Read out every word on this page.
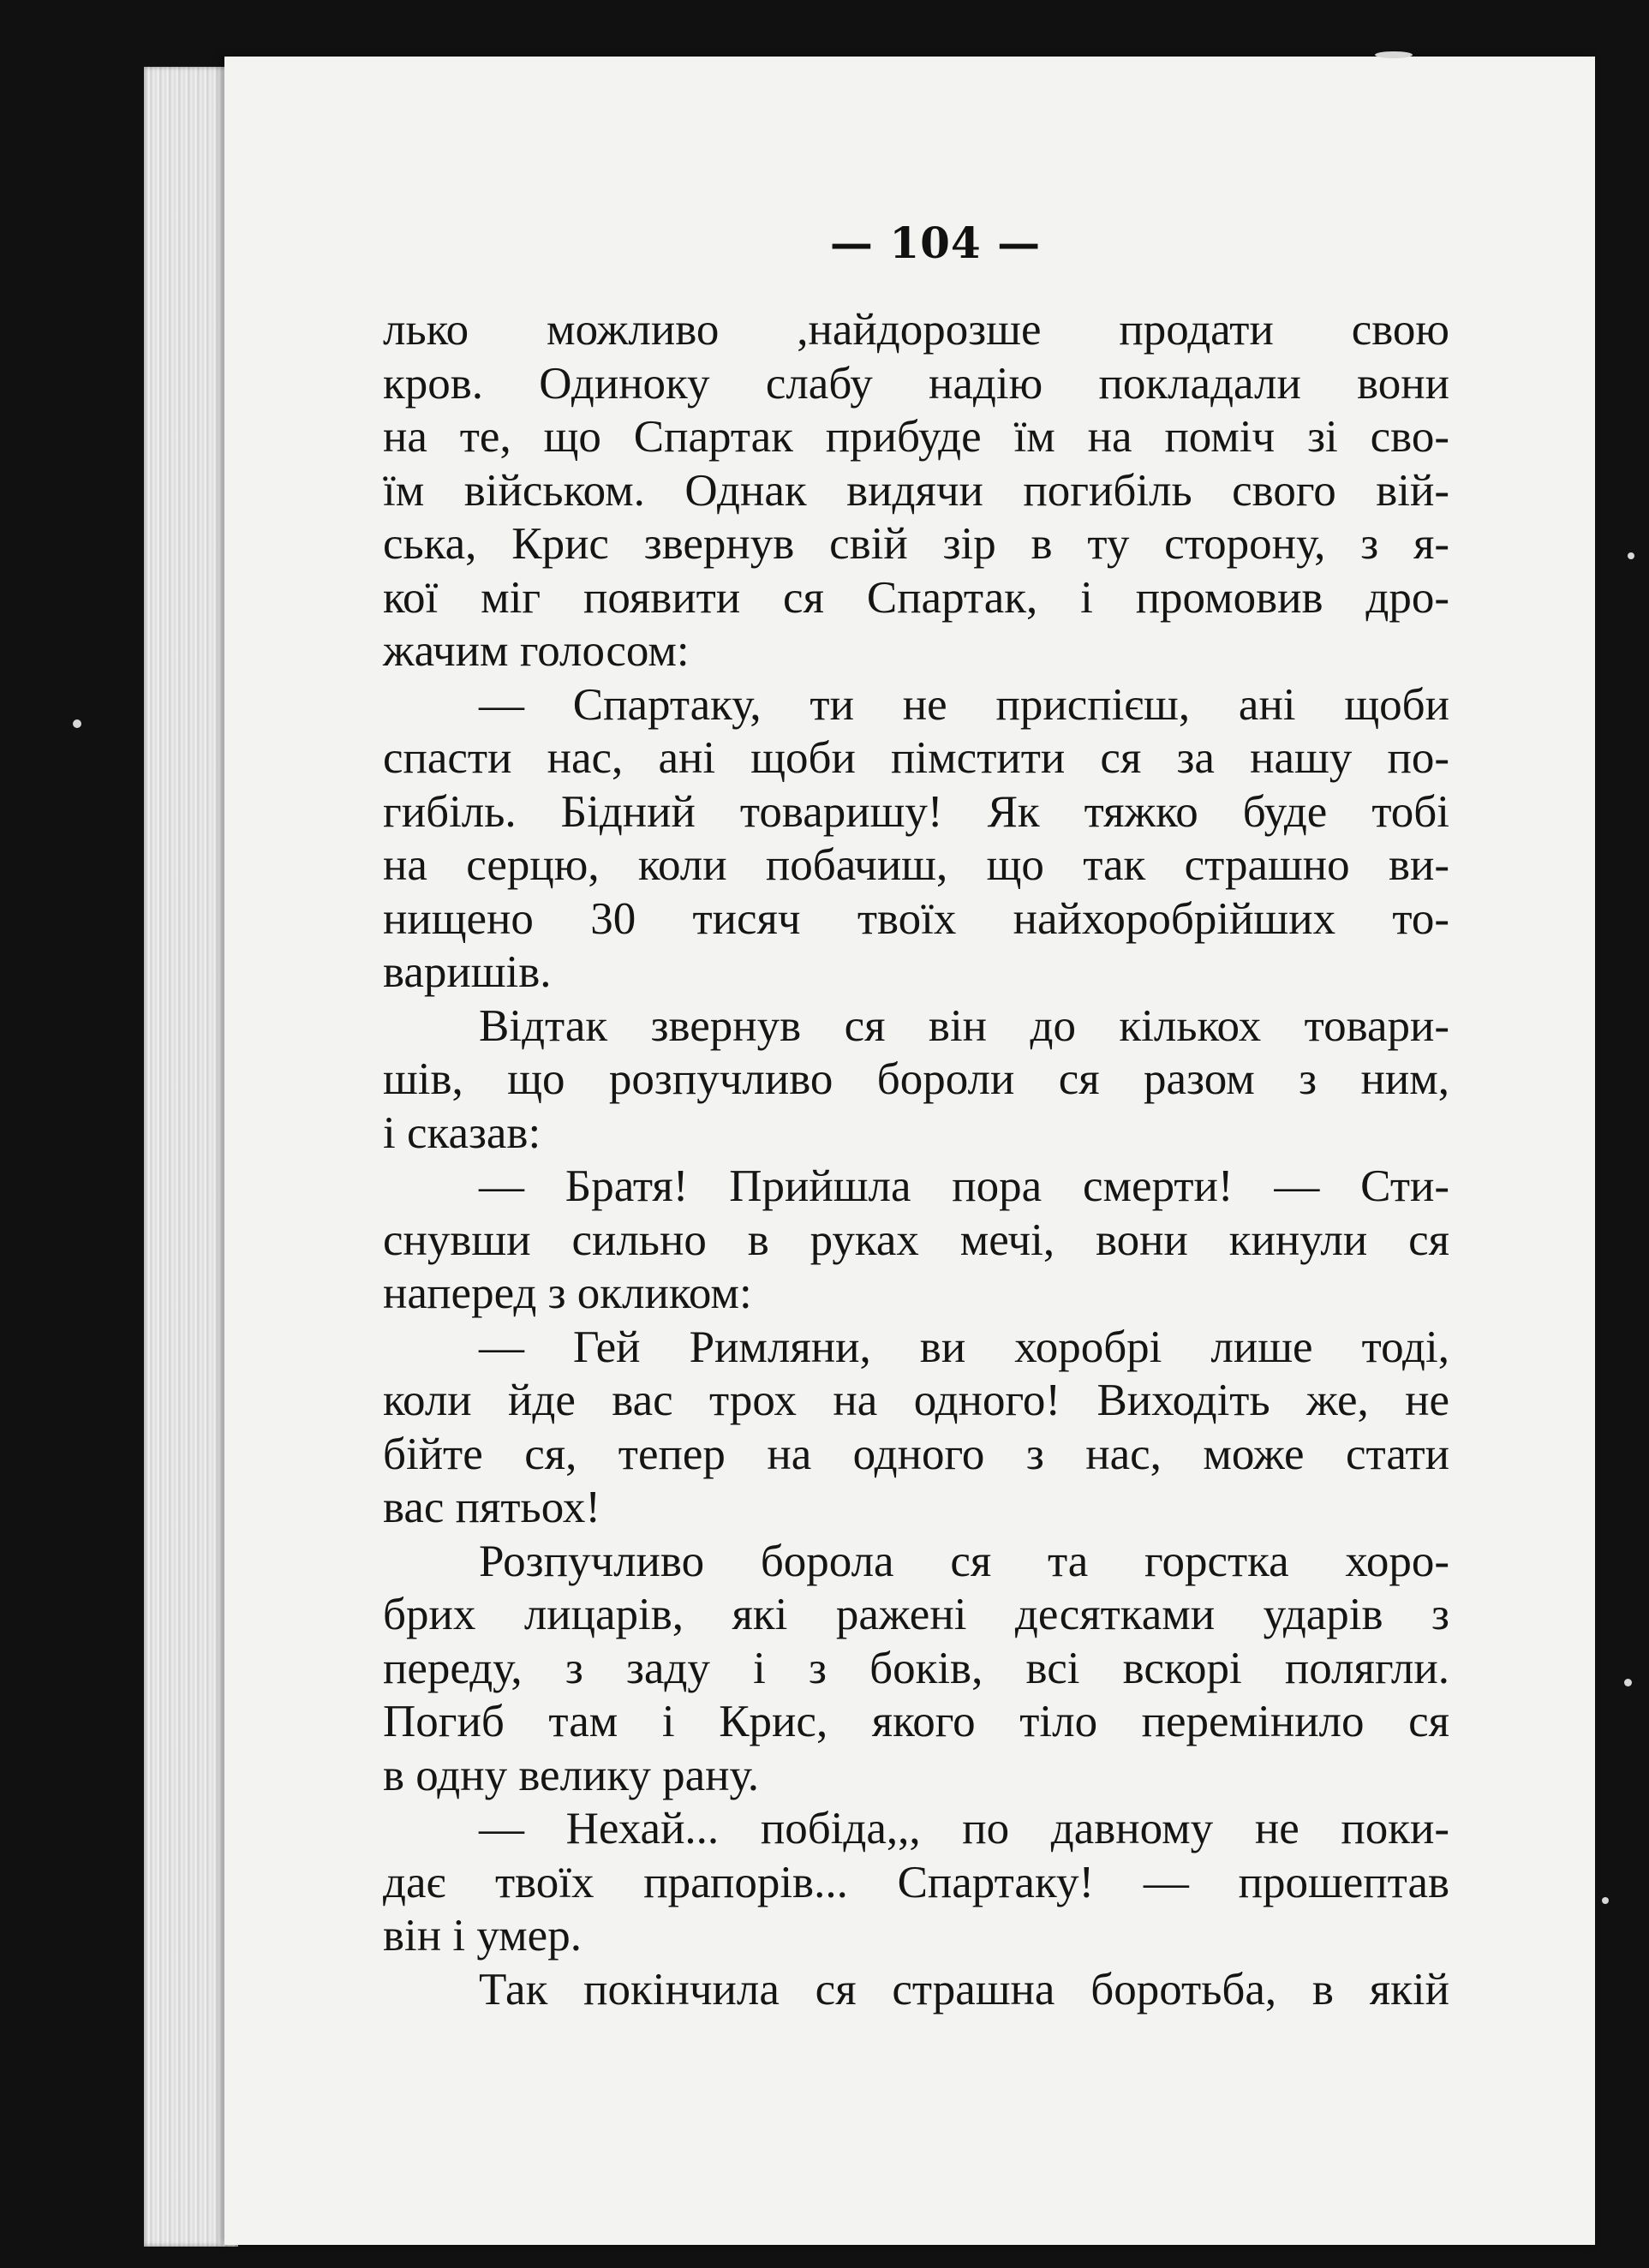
— 104 —
лько можливо ,найдорозше продати свою
кров. Одиноку слабу надію покладали вони
на те, що Спартак прибуде їм на поміч зі сво-
їм військом. Однак видячи погибіль свого вій-
ська, Крис звернув свій зір в ту сторону, з я-
кої міг появити ся Спартак, і промовив дро-
жачим голосом:
— Спартаку, ти не приспієш, ані щоби
спасти нас, ані щоби пімстити ся за нашу по-
гибіль. Бідний товаришу! Як тяжко буде тобі
на серцю, коли побачиш, що так страшно ви-
нищено 30 тисяч твоїх найхоробрійших то-
варишів.
Відтак звернув ся він до кількох товари-
шів, що розпучливо бороли ся разом з ним,
і сказав:
— Братя! Прийшла пора смерти! — Сти-
снувши сильно в руках мечі, вони кинули ся
наперед з окликом:
— Гей Римляни, ви хоробрі лише тоді,
коли йде вас трох на одного! Виходіть же, не
бійте ся, тепер на одного з нас, може стати
вас пятьох!
Розпучливо борола ся та горстка хоро-
брих лицарів, які ражені десятками ударів з
переду, з заду і з боків, всі вскорі полягли.
Погиб там і Крис, якого тіло перемінило ся
в одну велику рану.
— Нехай... побіда,,, по давному не поки-
дає твоїх прапорів... Спартаку! — прошептав
він і умер.
Так покінчила ся страшна боротьба, в якій
